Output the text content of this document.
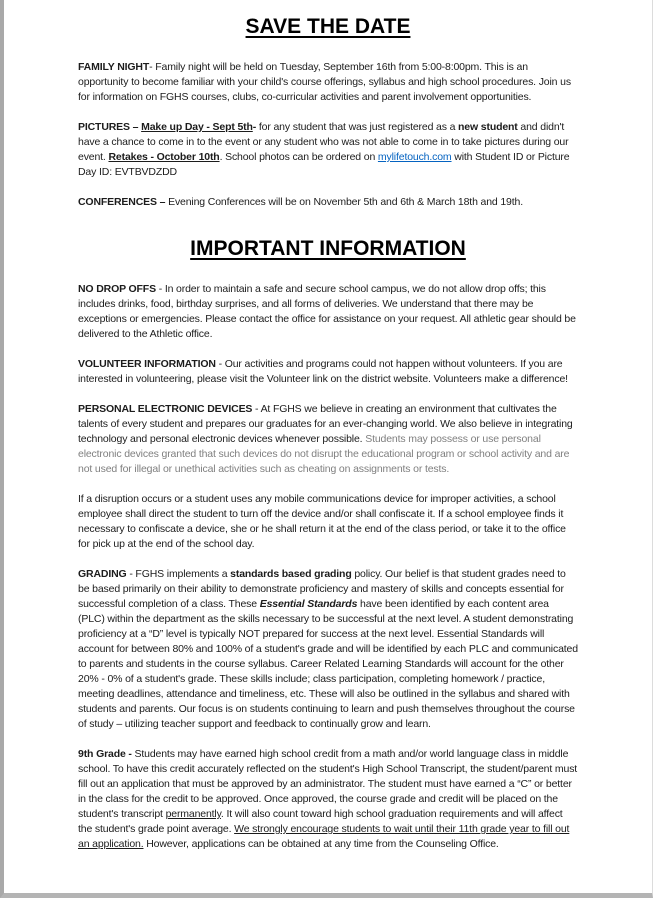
SAVE THE DATE

FAMILY NIGHT- Family night will be held on Tuesday, September 16th from 5:00-8:00pm. This is an opportunity to become familiar with your child's course offerings, syllabus and high school procedures. Join us for information on FGHS courses, clubs, co-curricular activities and parent involvement opportunities.

PICTURES – Make up Day - Sept 5th- for any student that was just registered as a new student and didn't have a chance to come in to the event or any student who was not able to come in to take pictures during our event. Retakes - October 10th. School photos can be ordered on mylifetouch.com with Student ID or Picture Day ID: EVTBVDZDD

CONFERENCES – Evening Conferences will be on November 5th and 6th & March 18th and 19th.

IMPORTANT INFORMATION

NO DROP OFFS - In order to maintain a safe and secure school campus, we do not allow drop offs; this includes drinks, food, birthday surprises, and all forms of deliveries. We understand that there may be exceptions or emergencies. Please contact the office for assistance on your request. All athletic gear should be delivered to the Athletic office.

VOLUNTEER INFORMATION - Our activities and programs could not happen without volunteers. If you are interested in volunteering, please visit the Volunteer link on the district website. Volunteers make a difference!

PERSONAL ELECTRONIC DEVICES - At FGHS we believe in creating an environment that cultivates the talents of every student and prepares our graduates for an ever-changing world. We also believe in integrating technology and personal electronic devices whenever possible. Students may possess or use personal electronic devices granted that such devices do not disrupt the educational program or school activity and are not used for illegal or unethical activities such as cheating on assignments or tests.

If a disruption occurs or a student uses any mobile communications device for improper activities, a school employee shall direct the student to turn off the device and/or shall confiscate it. If a school employee finds it necessary to confiscate a device, she or he shall return it at the end of the class period, or take it to the office for pick up at the end of the school day.

GRADING - FGHS implements a standards based grading policy. Our belief is that student grades need to be based primarily on their ability to demonstrate proficiency and mastery of skills and concepts essential for successful completion of a class. These Essential Standards have been identified by each content area (PLC) within the department as the skills necessary to be successful at the next level. A student demonstrating proficiency at a “D” level is typically NOT prepared for success at the next level. Essential Standards will account for between 80% and 100% of a student's grade and will be identified by each PLC and communicated to parents and students in the course syllabus. Career Related Learning Standards will account for the other 20% - 0% of a student's grade. These skills include; class participation, completing homework / practice, meeting deadlines, attendance and timeliness, etc. These will also be outlined in the syllabus and shared with students and parents. Our focus is on students continuing to learn and push themselves throughout the course of study – utilizing teacher support and feedback to continually grow and learn.

9th Grade - Students may have earned high school credit from a math and/or world language class in middle school. To have this credit accurately reflected on the student's High School Transcript, the student/parent must fill out an application that must be approved by an administrator. The student must have earned a “C” or better in the class for the credit to be approved. Once approved, the course grade and credit will be placed on the student's transcript permanently. It will also count toward high school graduation requirements and will affect the student's grade point average. We strongly encourage students to wait until their 11th grade year to fill out an application. However, applications can be obtained at any time from the Counseling Office.
